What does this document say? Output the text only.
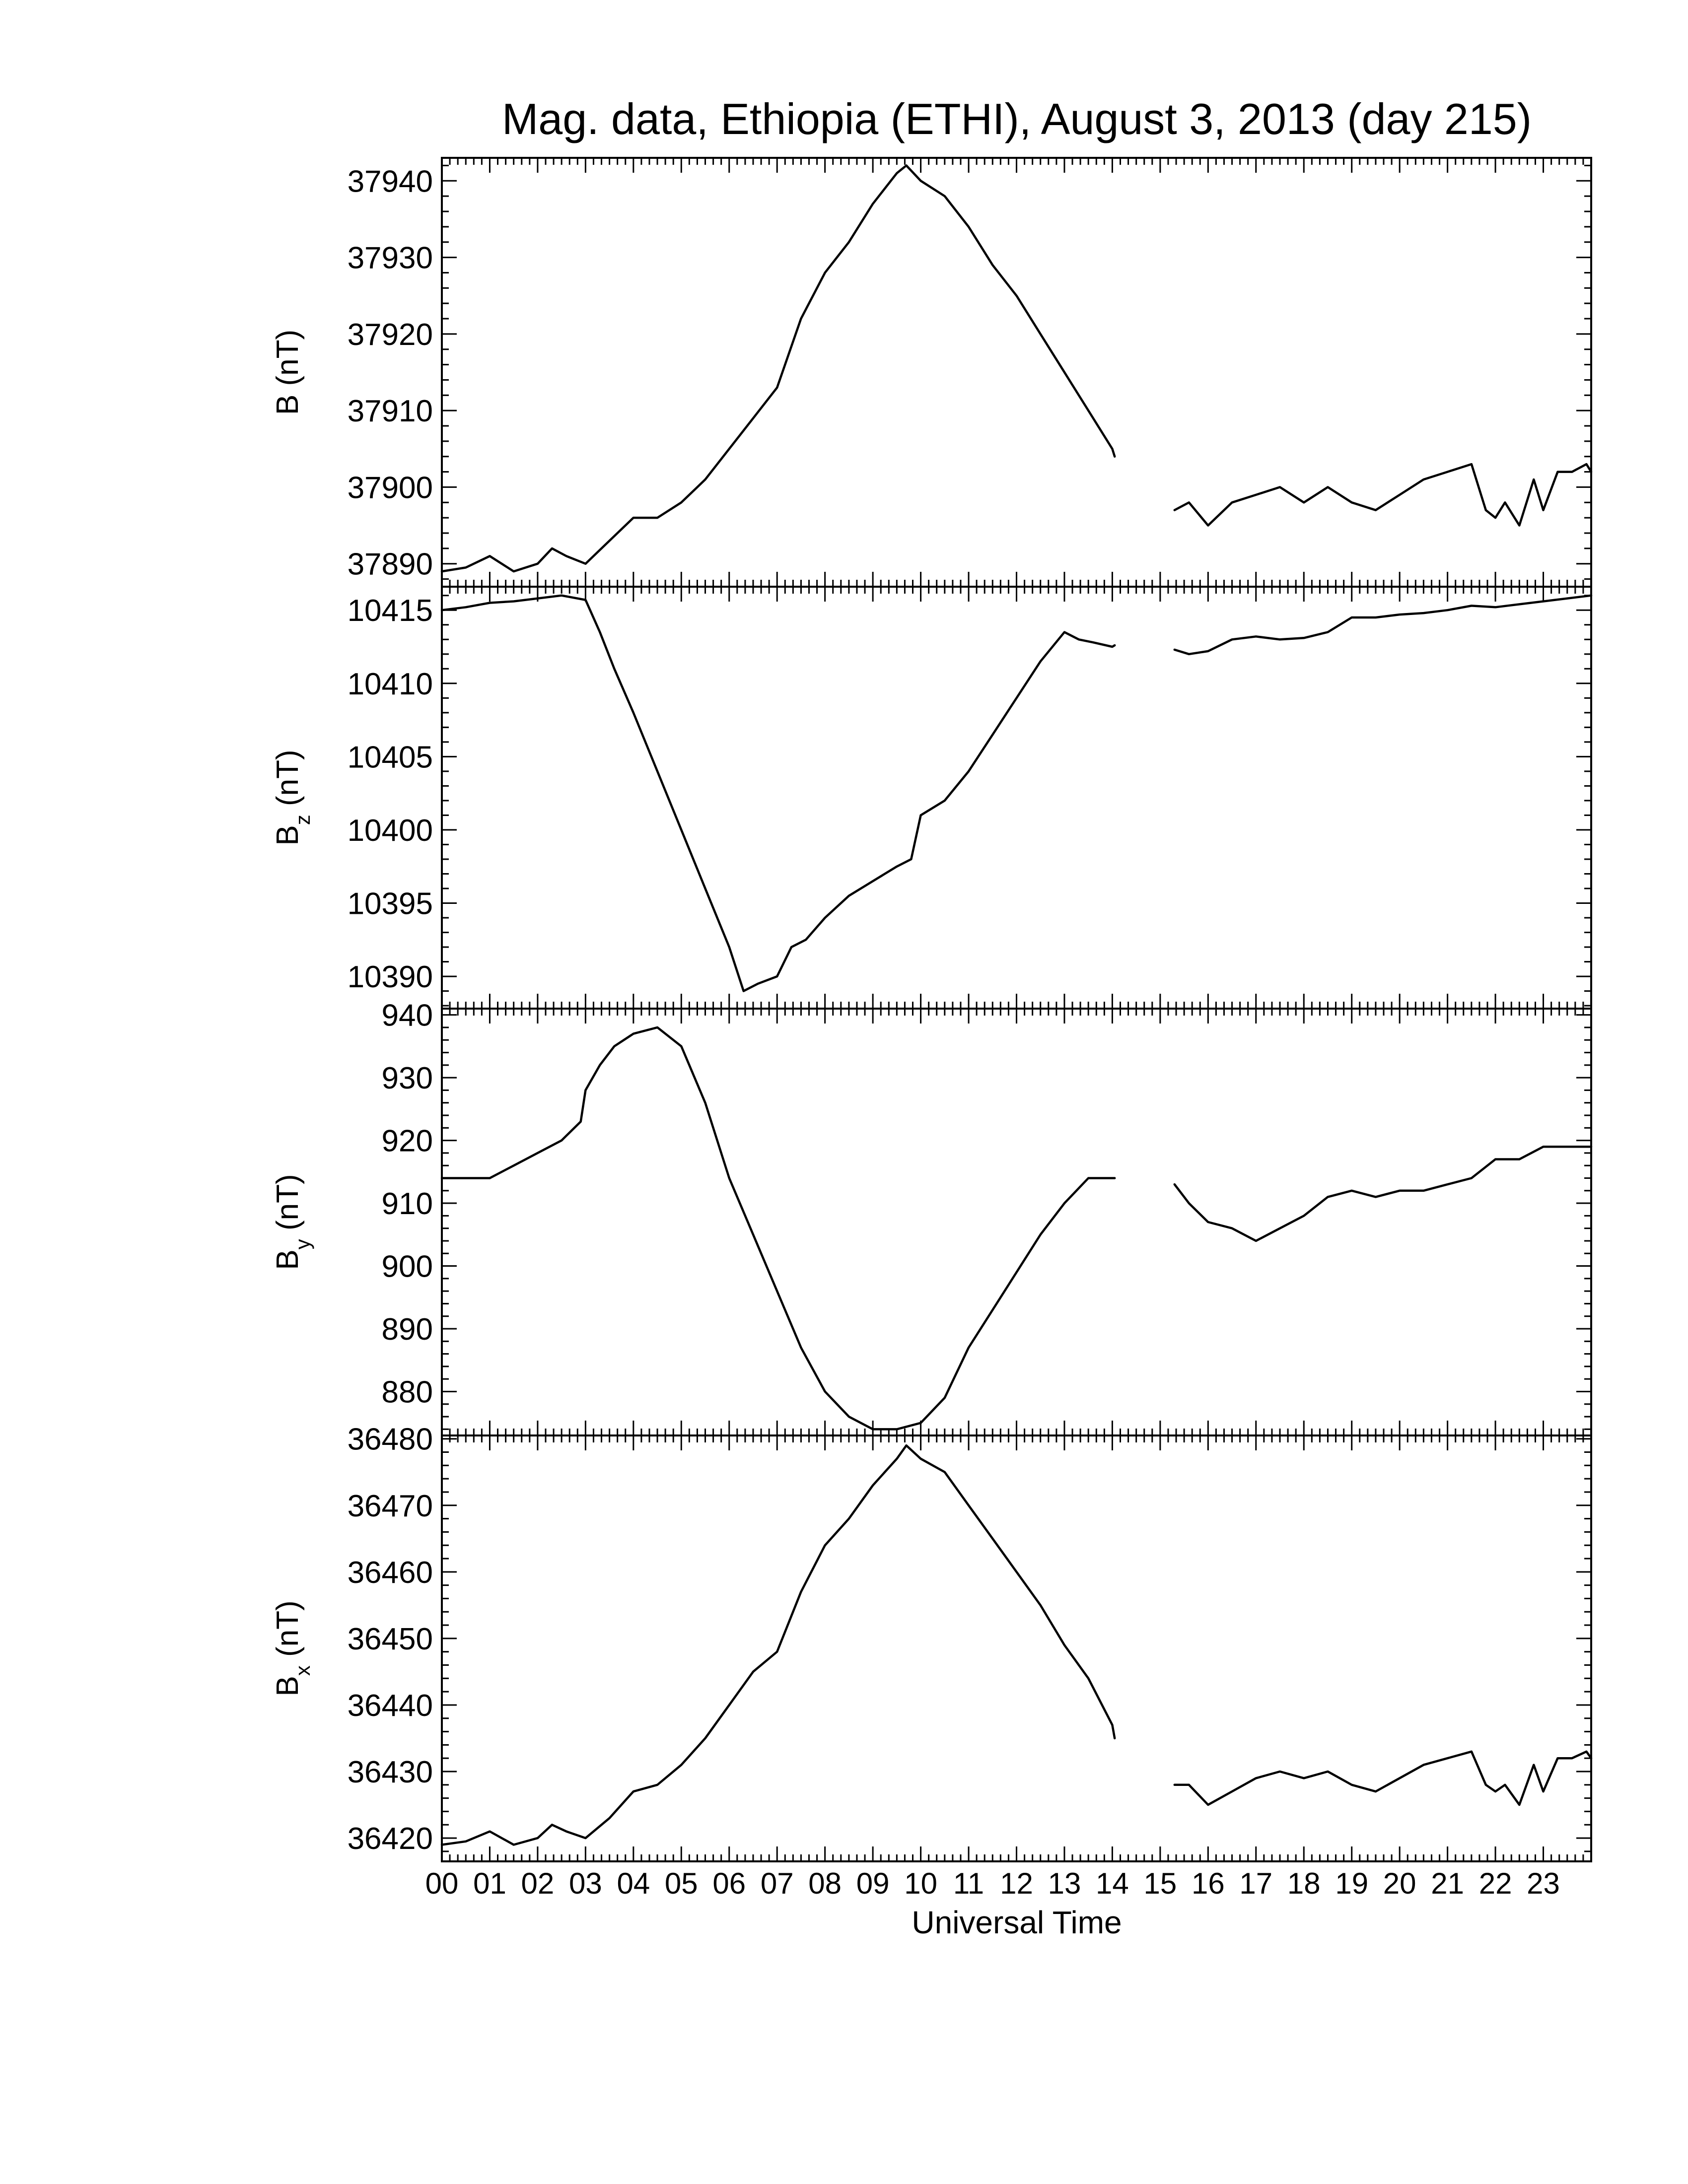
Mag. data, Ethiopia (ETHI), August 3, 2013 (day 215)
37890
37900
37910
37920
37930
37940
B (nT)
10390
10395
10400
10405
10410
10415
$B_z$ (nT)
880
890
900
910
920
930
940
$B_y$ (nT)
36420
36430
36440
36450
36460
36470
36480
$B_x$ (nT)
00 01 02 03 04 05 06 07 08 09 10 11 12 13 14 15 16 17 18 19 20 21 22 23
Universal Time
